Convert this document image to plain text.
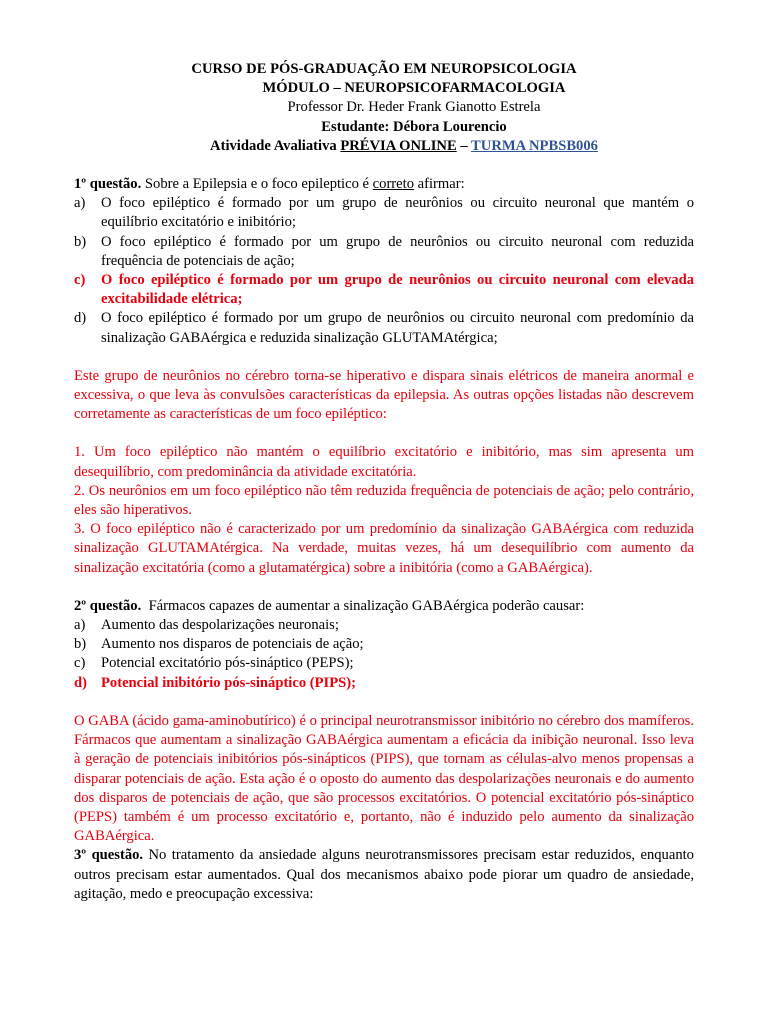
CURSO DE PÓS-GRADUAÇÃO EM NEUROPSICOLOGIA
MÓDULO – NEUROPSICOFARMACOLOGIA
Professor Dr. Heder Frank Gianotto Estrela
Estudante: Débora Lourencio
Atividade Avaliativa PRÉVIA ONLINE – TURMA NPBSB006
1º questão. Sobre a Epilepsia e o foco epileptico é correto afirmar:
a)	O foco epiléptico é formado por um grupo de neurônios ou circuito neuronal que mantém o equilíbrio excitatório e inibitório;
b)	O foco epiléptico é formado por um grupo de neurônios ou circuito neuronal com reduzida frequência de potenciais de ação;
c)	O foco epiléptico é formado por um grupo de neurônios ou circuito neuronal com elevada excitabilidade elétrica;
d)	O foco epiléptico é formado por um grupo de neurônios ou circuito neuronal com predomínio da sinalização GABAérgica e reduzida sinalização GLUTAMAtérgica;
Este grupo de neurônios no cérebro torna-se hiperativo e dispara sinais elétricos de maneira anormal e excessiva, o que leva às convulsões características da epilepsia. As outras opções listadas não descrevem corretamente as características de um foco epiléptico:
1. Um foco epiléptico não mantém o equilíbrio excitatório e inibitório, mas sim apresenta um desequilíbrio, com predominância da atividade excitatória.
2. Os neurônios em um foco epiléptico não têm reduzida frequência de potenciais de ação; pelo contrário, eles são hiperativos.
3. O foco epiléptico não é caracterizado por um predomínio da sinalização GABAérgica com reduzida sinalização GLUTAMAtérgica. Na verdade, muitas vezes, há um desequilíbrio com aumento da sinalização excitatória (como a glutamatérgica) sobre a inibitória (como a GABAérgica).
2º questão.  Fármacos capazes de aumentar a sinalização GABAérgica poderão causar:
a)	Aumento das despolarizações neuronais;
b)	Aumento nos disparos de potenciais de ação;
c)	Potencial excitatório pós-sináptico (PEPS);
d) Potencial inibitório pós-sináptico (PIPS);
O GABA (ácido gama-aminobutírico) é o principal neurotransmissor inibitório no cérebro dos mamíferos. Fármacos que aumentam a sinalização GABAérgica aumentam a eficácia da inibição neuronal. Isso leva à geração de potenciais inibitórios pós-sinápticos (PIPS), que tornam as células-alvo menos propensas a disparar potenciais de ação. Esta ação é o oposto do aumento das despolarizações neuronais e do aumento dos disparos de potenciais de ação, que são processos excitatórios. O potencial excitatório pós-sináptico (PEPS) também é um processo excitatório e, portanto, não é induzido pelo aumento da sinalização GABAérgica.
3º questão. No tratamento da ansiedade alguns neurotransmissores precisam estar reduzidos, enquanto outros precisam estar aumentados. Qual dos mecanismos abaixo pode piorar um quadro de ansiedade, agitação, medo e preocupação excessiva:
